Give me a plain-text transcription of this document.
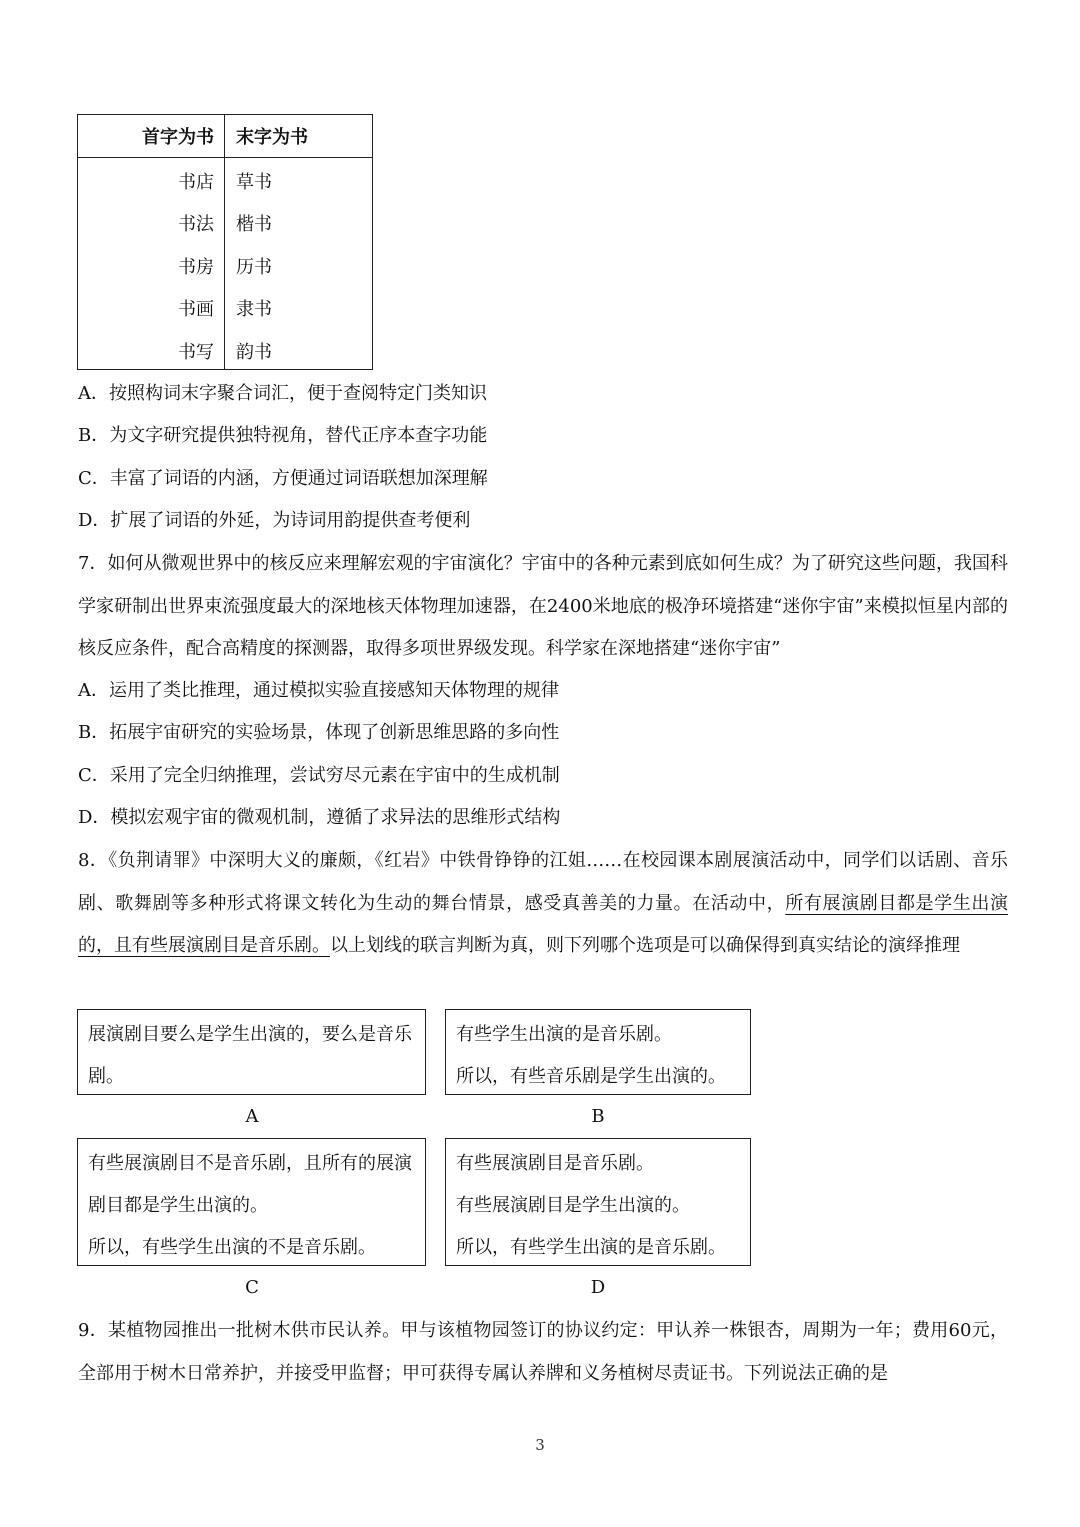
首字为书 末字为书
书店 草书
书法 楷书
书房 历书
书画 隶书
书写 韵书
A．按照构词末字聚合词汇，便于查阅特定门类知识
B．为文字研究提供独特视角，替代正序本查字功能
C．丰富了词语的内涵，方便通过词语联想加深理解
D．扩展了词语的外延，为诗词用韵提供查考便利
7．如何从微观世界中的核反应来理解宏观的宇宙演化？宇宙中的各种元素到底如何生成？为了研究这些问题，我国科学家研制出世界束流强度最大的深地核天体物理加速器，在2400米地底的极净环境搭建“迷你宇宙”来模拟恒星内部的核反应条件，配合高精度的探测器，取得多项世界级发现。科学家在深地搭建“迷你宇宙”
A．运用了类比推理，通过模拟实验直接感知天体物理的规律
B．拓展宇宙研究的实验场景，体现了创新思维思路的多向性
C．采用了完全归纳推理，尝试穷尽元素在宇宙中的生成机制
D．模拟宏观宇宙的微观机制，遵循了求异法的思维形式结构
8．《负荆请罪》中深明大义的廉颇，《红岩》中铁骨铮铮的江姐……在校园课本剧展演活动中，同学们以话剧、音乐剧、歌舞剧等多种形式将课文转化为生动的舞台情景，感受真善美的力量。在活动中，所有展演剧目都是学生出演的，且有些展演剧目是音乐剧。以上划线的联言判断为真，则下列哪个选项是可以确保得到真实结论的演绎推理
展演剧目要么是学生出演的，要么是音乐剧。
A
有些学生出演的是音乐剧。
所以，有些音乐剧是学生出演的。
B
有些展演剧目不是音乐剧，且所有的展演剧目都是学生出演的。
所以，有些学生出演的不是音乐剧。
C
有些展演剧目是音乐剧。
有些展演剧目是学生出演的。
所以，有些学生出演的是音乐剧。
D
9．某植物园推出一批树木供市民认养。甲与该植物园签订的协议约定：甲认养一株银杏，周期为一年；费用60元，全部用于树木日常养护，并接受甲监督；甲可获得专属认养牌和义务植树尽责证书。下列说法正确的是
3
